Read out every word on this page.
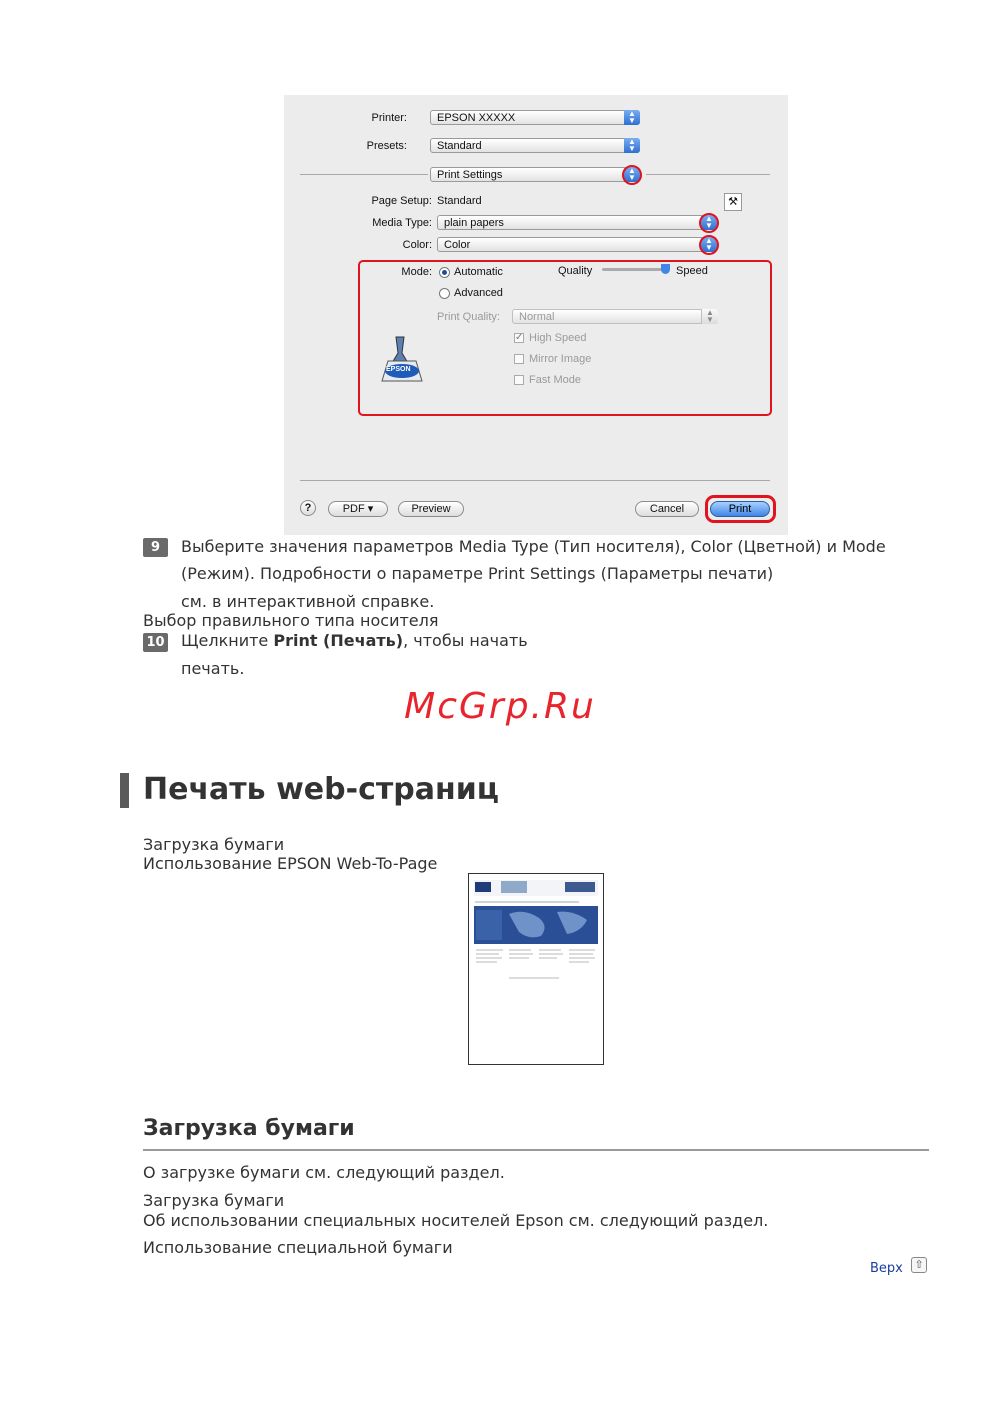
Printer:	EPSON XXXXX	▲
▼
Presets:	Standard	▲
▼
Print Settings	▲
▼
Page Setup: Standard	⚒
Media Type:	plain papers	▲
▼
Color:	Color	▲
▼
Mode: Automatic	Quality	Speed
Advanced
Print Quality:	Normal	▲
▼
✓ High Speed
Mirror Image
Fast Mode
EPSON
?	PDF ▾	Preview	Cancel	Print
9	Выберите значения параметров Media Type (Тип носителя), Color (Цветной) и Mode
(Режим). Подробности о параметре Print Settings (Параметры печати)
см. в интерактивной справке.
Выбор правильного типа носителя
10 Щелкните Print (Печать), чтобы начать
печать.
McGrp.Ru
Печать web-страниц
Загрузка бумаги
Использование EPSON Web-To-Page
Загрузка бумаги
О загрузке бумаги см. следующий раздел.
Загрузка бумаги
Об использовании специальных носителей Epson см. следующий раздел.
Использование специальной бумаги
Верх ⇧
